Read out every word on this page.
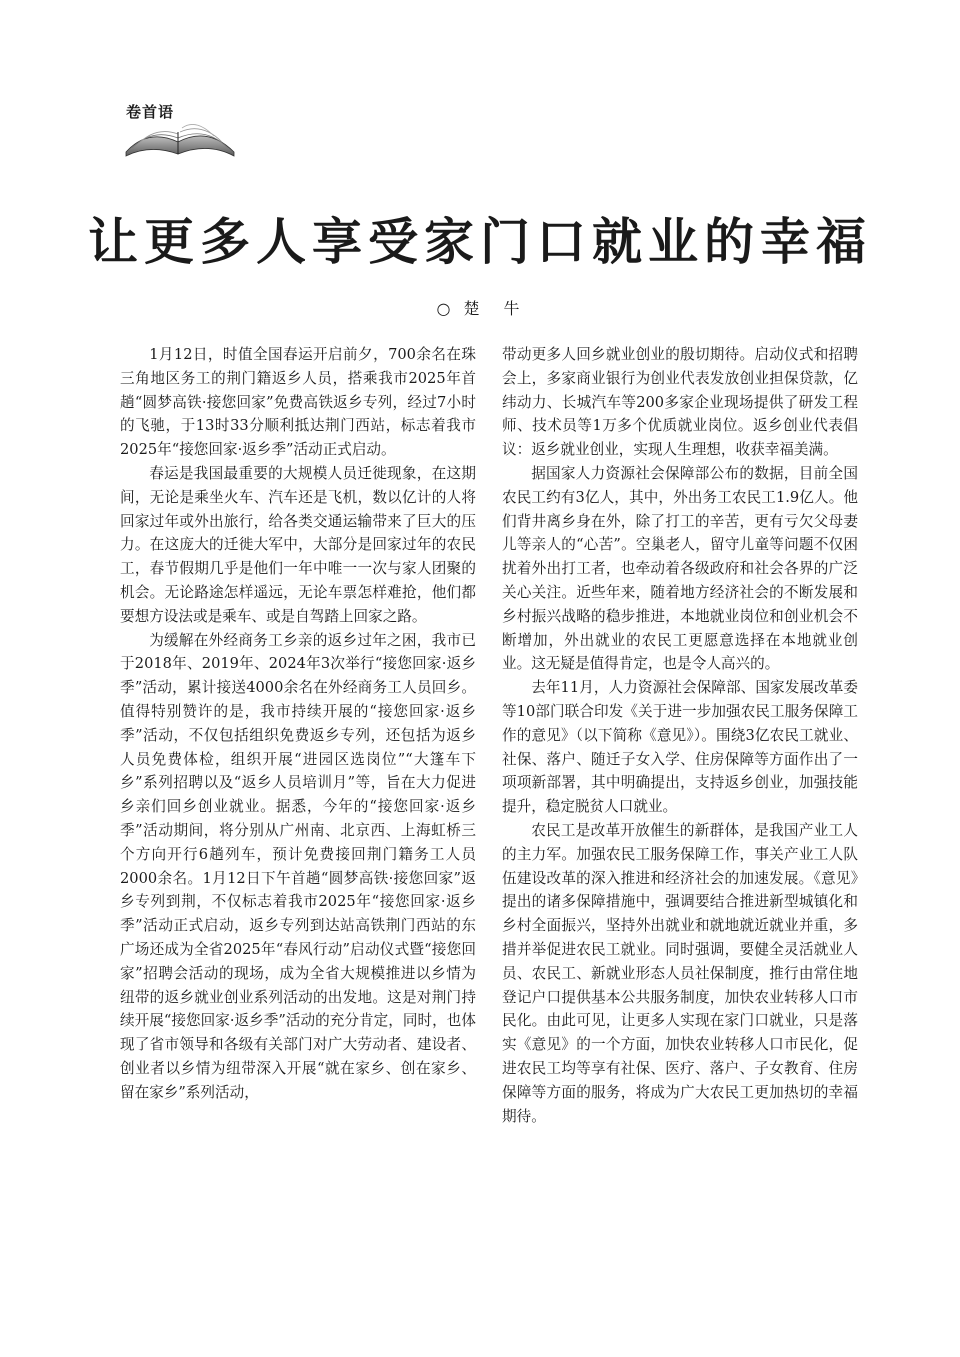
卷首语
让更多人享受家门口就业的幸福
○ 楚　牛

1月12日，时值全国春运开启前夕，700余名在珠三角地区务工的荆门籍返乡人员，搭乘我市2025年首趟“圆梦高铁·接您回家”免费高铁返乡专列，经过7小时的飞驰，于13时33分顺利抵达荆门西站，标志着我市2025年“接您回家·返乡季”活动正式启动。

春运是我国最重要的大规模人员迁徙现象，在这期间，无论是乘坐火车、汽车还是飞机，数以亿计的人将回家过年或外出旅行，给各类交通运输带来了巨大的压力。在这庞大的迁徙大军中，大部分是回家过年的农民工，春节假期几乎是他们一年中唯一一次与家人团聚的机会。无论路途怎样遥远，无论车票怎样难抢，他们都要想方设法或是乘车、或是自驾踏上回家之路。

为缓解在外经商务工乡亲的返乡过年之困，我市已于2018年、2019年、2024年3次举行“接您回家·返乡季”活动，累计接送4000余名在外经商务工人员回乡。值得特别赞许的是，我市持续开展的“接您回家·返乡季”活动，不仅包括组织免费返乡专列，还包括为返乡人员免费体检，组织开展“进园区选岗位”“大篷车下乡”系列招聘以及“返乡人员培训月”等，旨在大力促进乡亲们回乡创业就业。据悉，今年的“接您回家·返乡季”活动期间，将分别从广州南、北京西、上海虹桥三个方向开行6趟列车，预计免费接回荆门籍务工人员2000余名。1月12日下午首趟“圆梦高铁·接您回家”返乡专列到荆，不仅标志着我市2025年“接您回家·返乡季”活动正式启动，返乡专列到达站高铁荆门西站的东广场还成为全省2025年“春风行动”启动仪式暨“接您回家”招聘会活动的现场，成为全省大规模推进以乡情为纽带的返乡就业创业系列活动的出发地。这是对荆门持续开展“接您回家·返乡季”活动的充分肯定，同时，也体现了省市领导和各级有关部门对广大劳动者、建设者、创业者以乡情为纽带深入开展“就在家乡、创在家乡、留在家乡”系列活动，

带动更多人回乡就业创业的殷切期待。启动仪式和招聘会上，多家商业银行为创业代表发放创业担保贷款，亿纬动力、长城汽车等200多家企业现场提供了研发工程师、技术员等1万多个优质就业岗位。返乡创业代表倡议：返乡就业创业，实现人生理想，收获幸福美满。

据国家人力资源社会保障部公布的数据，目前全国农民工约有3亿人，其中，外出务工农民工1.9亿人。他们背井离乡身在外，除了打工的辛苦，更有亏欠父母妻儿等亲人的“心苦”。空巢老人，留守儿童等问题不仅困扰着外出打工者，也牵动着各级政府和社会各界的广泛关心关注。近些年来，随着地方经济社会的不断发展和乡村振兴战略的稳步推进，本地就业岗位和创业机会不断增加，外出就业的农民工更愿意选择在本地就业创业。这无疑是值得肯定，也是令人高兴的。

去年11月，人力资源社会保障部、国家发展改革委等10部门联合印发《关于进一步加强农民工服务保障工作的意见》（以下简称《意见》）。围绕3亿农民工就业、社保、落户、随迁子女入学、住房保障等方面作出了一项项新部署，其中明确提出，支持返乡创业，加强技能提升，稳定脱贫人口就业。

农民工是改革开放催生的新群体，是我国产业工人的主力军。加强农民工服务保障工作，事关产业工人队伍建设改革的深入推进和经济社会的加速发展。《意见》提出的诸多保障措施中，强调要结合推进新型城镇化和乡村全面振兴，坚持外出就业和就地就近就业并重，多措并举促进农民工就业。同时强调，要健全灵活就业人员、农民工、新就业形态人员社保制度，推行由常住地登记户口提供基本公共服务制度，加快农业转移人口市民化。由此可见，让更多人实现在家门口就业，只是落实《意见》的一个方面，加快农业转移人口市民化，促进农民工均等享有社保、医疗、落户、子女教育、住房保障等方面的服务，将成为广大农民工更加热切的幸福期待。
